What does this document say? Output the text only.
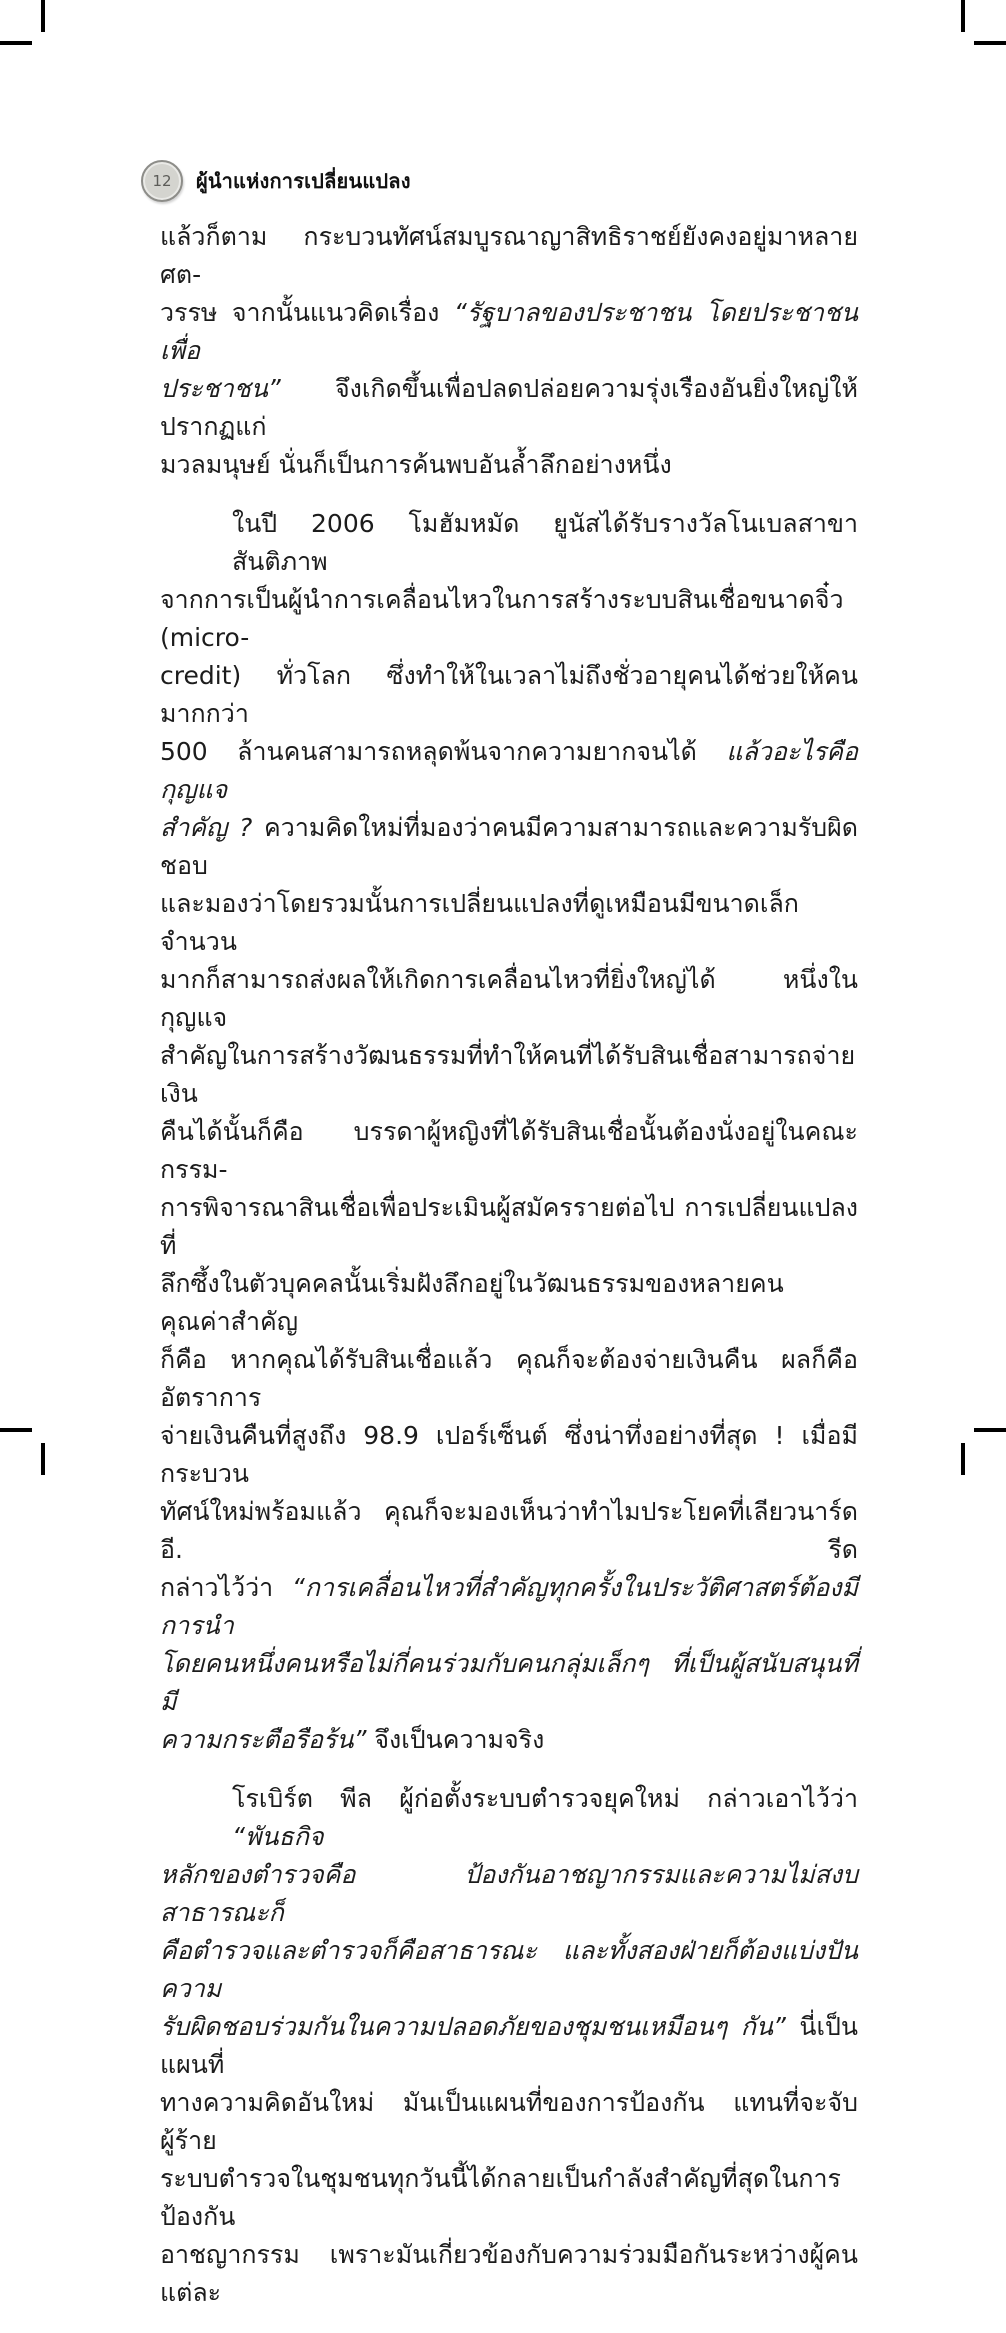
12 ผู้นำแห่งการเปลี่ยนแปลง
แล้วก็ตาม กระบวนทัศน์สมบูรณาญาสิทธิราชย์ยังคงอยู่มาหลายศต-
วรรษ จากนั้นแนวคิดเรื่อง “รัฐบาลของประชาชน โดยประชาชน เพื่อ
ประชาชน” จึงเกิดขึ้นเพื่อปลดปล่อยความรุ่งเรืองอันยิ่งใหญ่ให้ปรากฏแก่
มวลมนุษย์ นั่นก็เป็นการค้นพบอันล้ำลึกอย่างหนึ่ง
ในปี 2006 โมฮัมหมัด ยูนัสได้รับรางวัลโนเบลสาขาสันติภาพ
จากการเป็นผู้นำการเคลื่อนไหวในการสร้างระบบสินเชื่อขนาดจิ๋ว (micro-
credit) ทั่วโลก ซึ่งทำให้ในเวลาไม่ถึงชั่วอายุคนได้ช่วยให้คนมากกว่า
500 ล้านคนสามารถหลุดพ้นจากความยากจนได้ แล้วอะไรคือกุญแจ
สำคัญ ? ความคิดใหม่ที่มองว่าคนมีความสามารถและความรับผิดชอบ
และมองว่าโดยรวมนั้นการเปลี่ยนแปลงที่ดูเหมือนมีขนาดเล็กจำนวน
มากก็สามารถส่งผลให้เกิดการเคลื่อนไหวที่ยิ่งใหญ่ได้ หนึ่งในกุญแจ
สำคัญในการสร้างวัฒนธรรมที่ทำให้คนที่ได้รับสินเชื่อสามารถจ่ายเงิน
คืนได้นั้นก็คือ บรรดาผู้หญิงที่ได้รับสินเชื่อนั้นต้องนั่งอยู่ในคณะกรรม-
การพิจารณาสินเชื่อเพื่อประเมินผู้สมัครรายต่อไป การเปลี่ยนแปลงที่
ลึกซึ้งในตัวบุคคลนั้นเริ่มฝังลึกอยู่ในวัฒนธรรมของหลายคน คุณค่าสำคัญ
ก็คือ หากคุณได้รับสินเชื่อแล้ว คุณก็จะต้องจ่ายเงินคืน ผลก็คืออัตราการ
จ่ายเงินคืนที่สูงถึง 98.9 เปอร์เซ็นต์ ซึ่งน่าทึ่งอย่างที่สุด ! เมื่อมีกระบวน
ทัศน์ใหม่พร้อมแล้ว คุณก็จะมองเห็นว่าทำไมประโยคที่เลียวนาร์ด อี. รีด
กล่าวไว้ว่า “การเคลื่อนไหวที่สำคัญทุกครั้งในประวัติศาสตร์ต้องมีการนำ
โดยคนหนึ่งคนหรือไม่กี่คนร่วมกับคนกลุ่มเล็กๆ ที่เป็นผู้สนับสนุนที่มี
ความกระตือรือร้น” จึงเป็นความจริง
โรเบิร์ต พีล ผู้ก่อตั้งระบบตำรวจยุคใหม่ กล่าวเอาไว้ว่า “พันธกิจ
หลักของตำรวจคือ ป้องกันอาชญากรรมและความไม่สงบ สาธารณะก็
คือตำรวจและตำรวจก็คือสาธารณะ และทั้งสองฝ่ายก็ต้องแบ่งปันความ
รับผิดชอบร่วมกันในความปลอดภัยของชุมชนเหมือนๆ กัน” นี่เป็นแผนที่
ทางความคิดอันใหม่ มันเป็นแผนที่ของการป้องกัน แทนที่จะจับผู้ร้าย
ระบบตำรวจในชุมชนทุกวันนี้ได้กลายเป็นกำลังสำคัญที่สุดในการป้องกัน
อาชญากรรม เพราะมันเกี่ยวข้องกับความร่วมมือกันระหว่างผู้คนแต่ละ
